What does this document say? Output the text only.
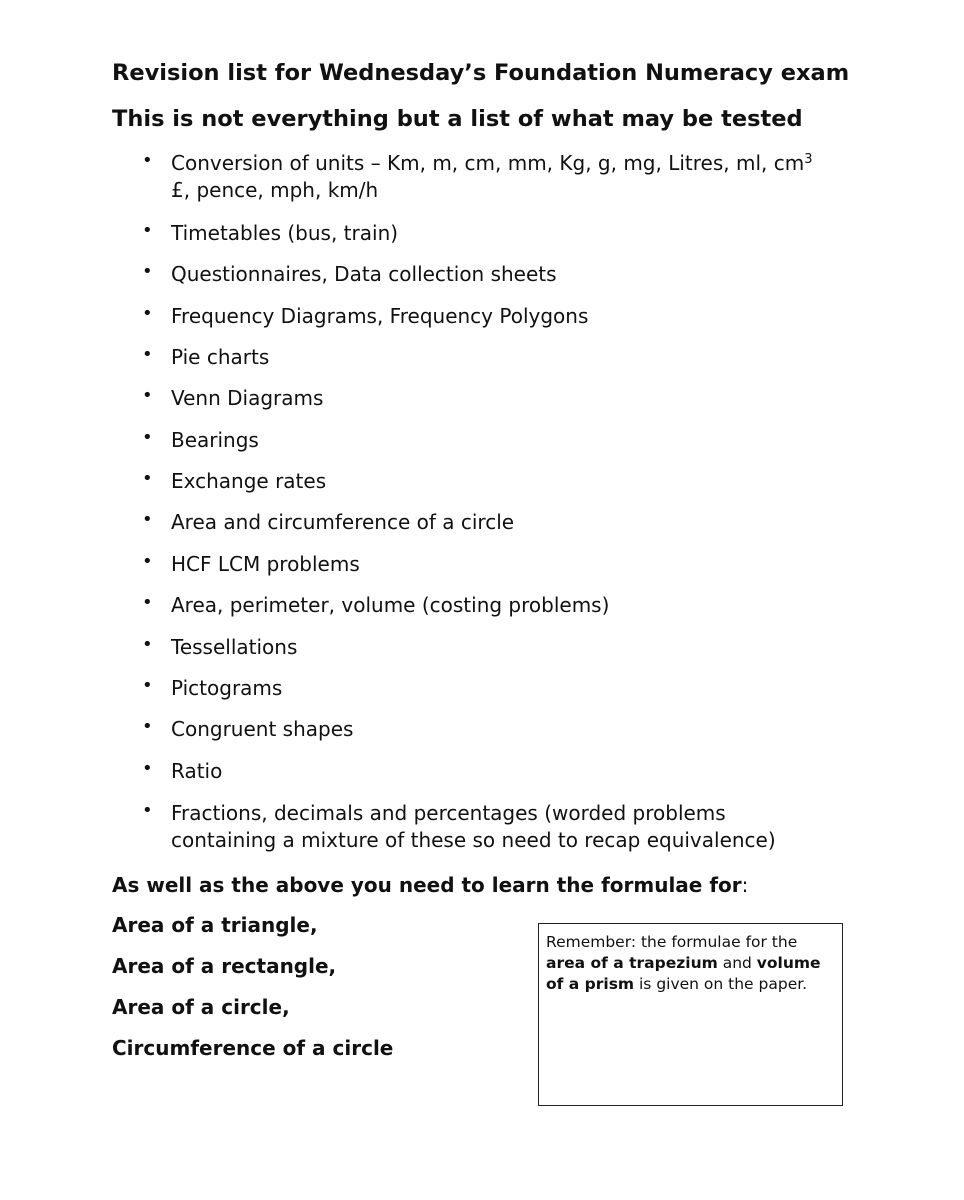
Revision list for Wednesday’s Foundation Numeracy exam
This is not everything but a list of what may be tested
• Conversion of units – Km, m, cm, mm, Kg, g, mg, Litres, ml, $cm^3$
£, pence, mph, km/h
• Timetables (bus, train)
• Questionnaires, Data collection sheets
• Frequency Diagrams, Frequency Polygons
• Pie charts
• Venn Diagrams
• Bearings
• Exchange rates
• Area and circumference of a circle
• HCF LCM problems
• Area, perimeter, volume (costing problems)
• Tessellations
• Pictograms
• Congruent shapes
• Ratio
• Fractions, decimals and percentages (worded problems
containing a mixture of these so need to recap equivalence)
As well as the above you need to learn the formulae for:
Area of a triangle,
Area of a rectangle,
Area of a circle,
Circumference of a circle
Remember: the formulae for the area of a trapezium and volume of a prism is given on the paper.
